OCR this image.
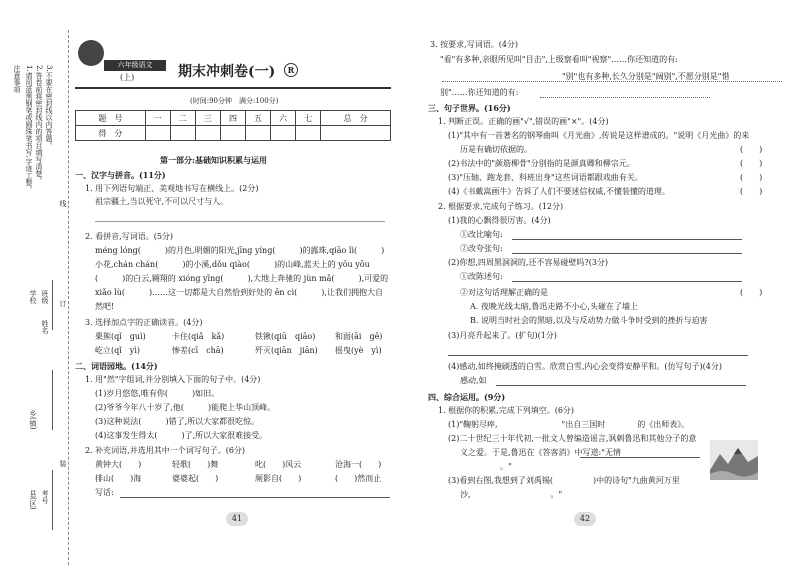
注意事项 1.请用蓝黑钢笔或圆珠笔书写,字迹工整。 2.答卷前将密封线内的项目填写清楚。 3.不要在密封线以内答题。
线
订
装
学校 班级
姓名
乡(镇)
县(区) 考号
六年级语文
(上)	期末冲刺卷(一)	R
(时间:90分钟　满分:100分)
题　号	一	二	三	四	五	六	七	总　分
得　分								
第一部分:基础知识积累与运用
一、汉字与拼音。(11分)
1. 用下列语句端正、美观地书写在横线上。(2分)
祖宗疆土,当以死守,不可以尺寸与人。
2. 看拼音,写词语。(5分)
méng lóng(　　　)的月色,明媚的阳光,jīng yíng(　　　)的露珠,qiāo lì(　　　)
小花,chán chán(　　　)的小溪,dǒu qiào(　　　)的山峰,蓝天上的 yōu yōu
(　　　)的白云,翱翔的 xióng yīng(　　　),大地上奔驰的 jùn mǎ(　　　),可爱的
xiǎo lù(　　　)……这一切都是大自然恰到好处的 ēn cì(　　　),让我们拥抱大自
然吧!
3. 选择加点字的正确读音。(4分)
栗熊(qǐ　guì)	卡住(qiǎ　kǎ)	铁锹(qiū　qiāo) 和面(āi　gē)
屹立(qǐ　yì)	惨差(cī　chā)	歼灭(qiān　jiān) 摇曳(yè　yì)
二、词语园地。(14分)
1. 用"然"字组词,并分别填入下面的句子中。(4分)
(1)岁月悠悠,唯有你(　　　)如旧。
(2)爷爷今年八十岁了,他(　　　)能爬上华山顶峰。
(3)这种说法(　　　)错了,所以大家都很吃惊。
(4)这事发生得太(　　　)了,所以大家很难接受。
2. 补充词语,并选用其中一个词写句子。(6分)
黄钟大(　　)	轻歌(　　)舞	叱(　　)风云	沧海一(　　)
排山(　　)海	婆婆起(　　)	厕影自(　　)	(　　)然而止
写话:
41
3. 按要求,写词语。(4分)
"看"有多种,亲眼所见叫"目击",上级察看叫"视察"……你还知道的有:
"别"也有多种,长久分别是"阔别",不愿分别是"惜
别"……你还知道的有:
三、句子世界。(16分)
1. 判断正误。正确的画"√",错误的画"×"。(4分)
(1)"其中有一首著名的钢琴曲叫《月光曲》,传说是这样谱成的。"说明《月光曲》的来
历是有确切依据的。	(　　)
(2)书法中的"颜筋柳骨"分别指的是颜真卿和柳宗元。	(　　)
(3)"压轴、跑龙套、科班出身"这些词语都跟戏曲有关。	(　　)
(4)《书戴嵩画牛》告诉了人们不要迷信权威,不懂装懂的道理。	(　　)
2. 根据要求,完成句子练习。(12分)
(1)我的心飘得很厉害。(4分)
①改比喻句:
②改夸张句:
(2)你想,四周黑洞洞的,还不容易碰壁吗?(3分)
①改陈述句:
②对这句话理解正确的是	(　　)
A. 夜晚光线太暗,鲁迅走路不小心,头碰在了墙上
B. 说明当时社会的黑暗,以及与反动势力做斗争时受到的挫折与迫害
(3)月亮升起来了。(扩句)(1分)
(4)感动,如终掩刷透的白雪。欣赏白雪,内心会变得安静平和。(仿写句子)(4分)
感动,如
四、综合运用。(9分)
1. 根据你的积累,完成下列填空。(6分)
(1)"鞠躬尽瘁,　　　　　　　　"出自三国时　　　　的《出师表》。
(2)二十世纪三十年代初,一批文人曾编造谣言,讽刺鲁迅和其他分子的意
义之爱。于是,鲁迅在《答客消》中写道:"无情
　　　　　。"
(3)看到右图,我想到了刘禹锡(　　　　　)中的诗句"九曲黄河万里
沙,　　　　　　　　　　。"
42
